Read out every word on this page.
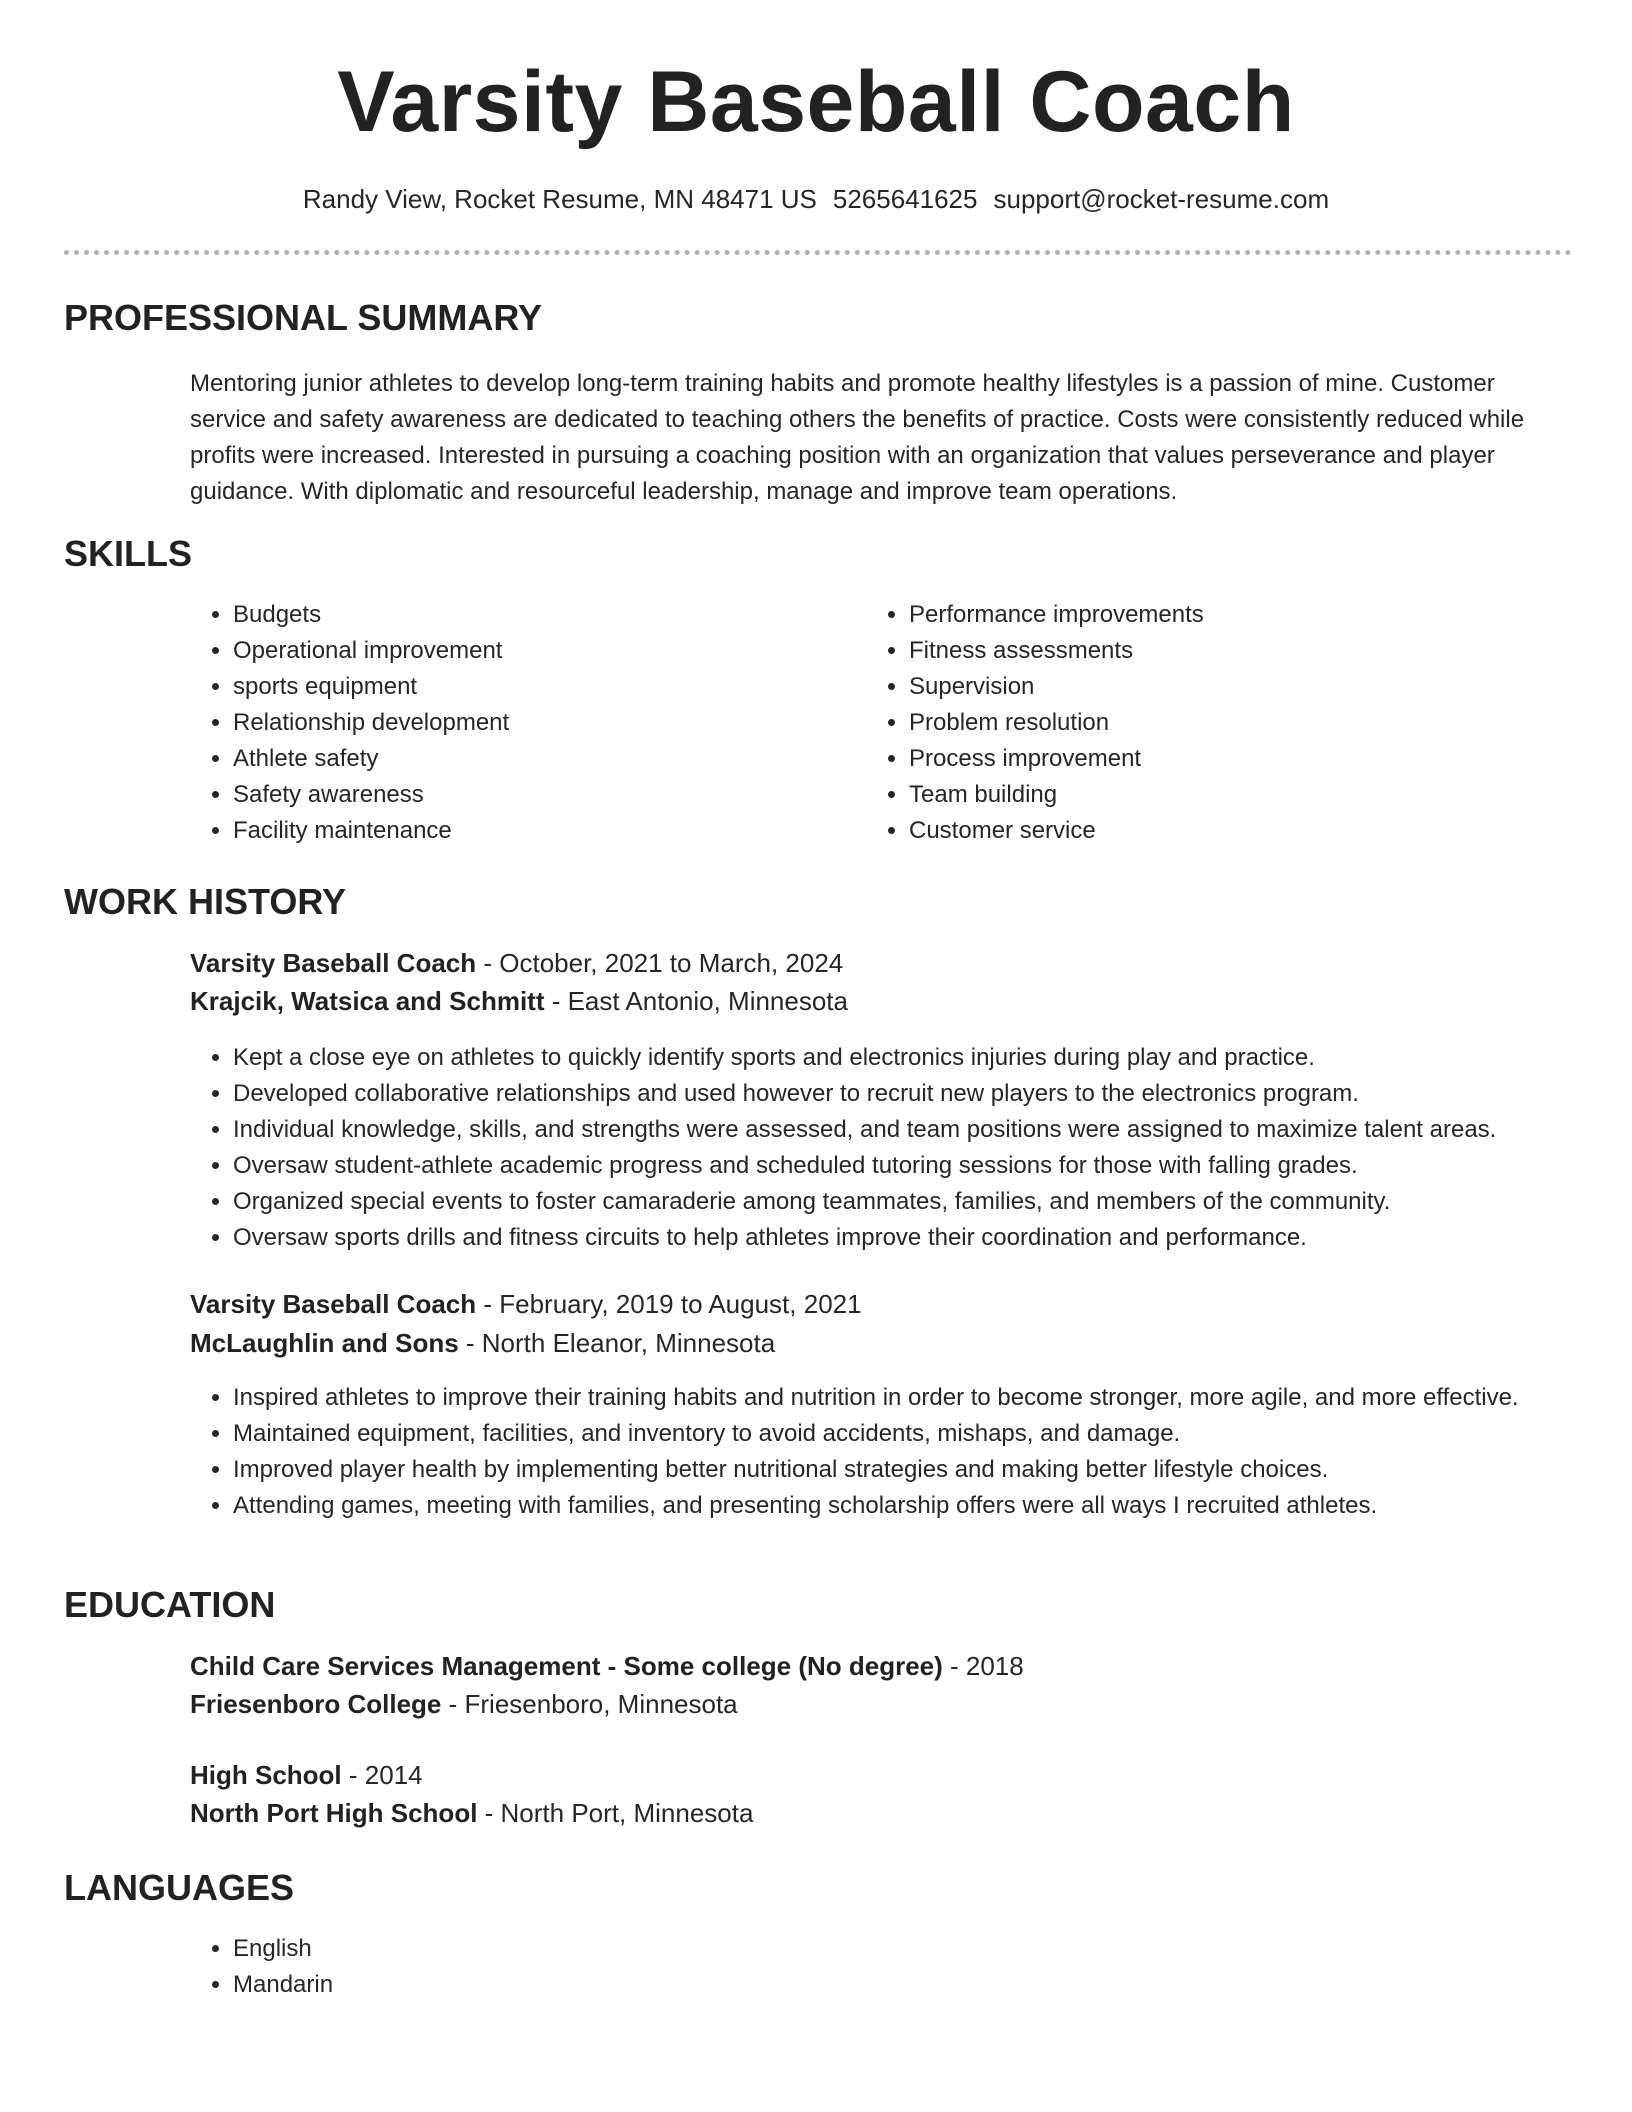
Varsity Baseball Coach
Randy View, Rocket Resume, MN 48471 US 5265641625 support@rocket-resume.com
PROFESSIONAL SUMMARY
Mentoring junior athletes to develop long-term training habits and promote healthy lifestyles is a passion of mine. Customer service and safety awareness are dedicated to teaching others the benefits of practice. Costs were consistently reduced while profits were increased. Interested in pursuing a coaching position with an organization that values perseverance and player guidance. With diplomatic and resourceful leadership, manage and improve team operations.
SKILLS
• Budgets
• Operational improvement
• sports equipment
• Relationship development
• Athlete safety
• Safety awareness
• Facility maintenance
• Performance improvements
• Fitness assessments
• Supervision
• Problem resolution
• Process improvement
• Team building
• Customer service
WORK HISTORY
Varsity Baseball Coach - October, 2021 to March, 2024
Krajcik, Watsica and Schmitt - East Antonio, Minnesota
• Kept a close eye on athletes to quickly identify sports and electronics injuries during play and practice.
• Developed collaborative relationships and used however to recruit new players to the electronics program.
• Individual knowledge, skills, and strengths were assessed, and team positions were assigned to maximize talent areas.
• Oversaw student-athlete academic progress and scheduled tutoring sessions for those with falling grades.
• Organized special events to foster camaraderie among teammates, families, and members of the community.
• Oversaw sports drills and fitness circuits to help athletes improve their coordination and performance.
Varsity Baseball Coach - February, 2019 to August, 2021
McLaughlin and Sons - North Eleanor, Minnesota
• Inspired athletes to improve their training habits and nutrition in order to become stronger, more agile, and more effective.
• Maintained equipment, facilities, and inventory to avoid accidents, mishaps, and damage.
• Improved player health by implementing better nutritional strategies and making better lifestyle choices.
• Attending games, meeting with families, and presenting scholarship offers were all ways I recruited athletes.
EDUCATION
Child Care Services Management - Some college (No degree) - 2018
Friesenboro College - Friesenboro, Minnesota
High School - 2014
North Port High School - North Port, Minnesota
LANGUAGES
• English
• Mandarin
